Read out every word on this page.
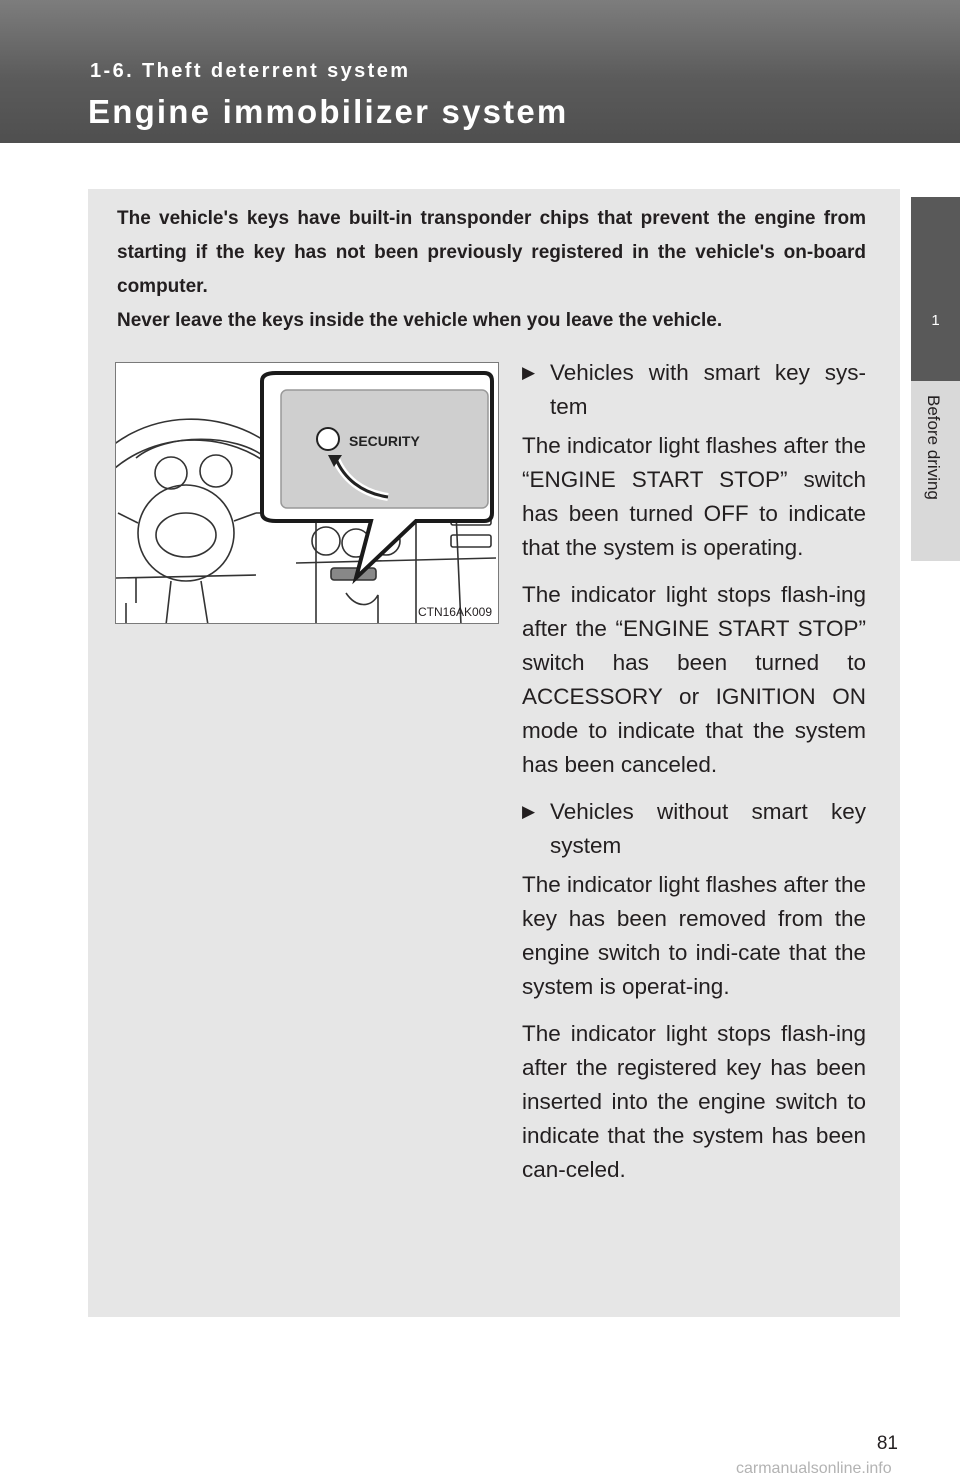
1-6. Theft deterrent system
Engine immobilizer system
1
Before driving

The vehicle's keys have built-in transponder chips that prevent the engine from starting if the key has not been previously registered in the vehicle's on-board computer.

Never leave the keys inside the vehicle when you leave the vehicle.

SECURITY
CTN16AK009
▶ Vehicles with smart key sys-tem

The indicator light flashes after the “ENGINE START STOP” switch has been turned OFF to indicate that the system is operating.

The indicator light stops flash-ing after the “ENGINE START STOP” switch has been turned to ACCESSORY or IGNITION ON mode to indicate that the system has been canceled.

▶ Vehicles without smart key system

The indicator light flashes after the key has been removed from the engine switch to indi-cate that the system is operat-ing.

The indicator light stops flash-ing after the registered key has been inserted into the engine switch to indicate that the system has been can-celed.

81
carmanualsonline.info
